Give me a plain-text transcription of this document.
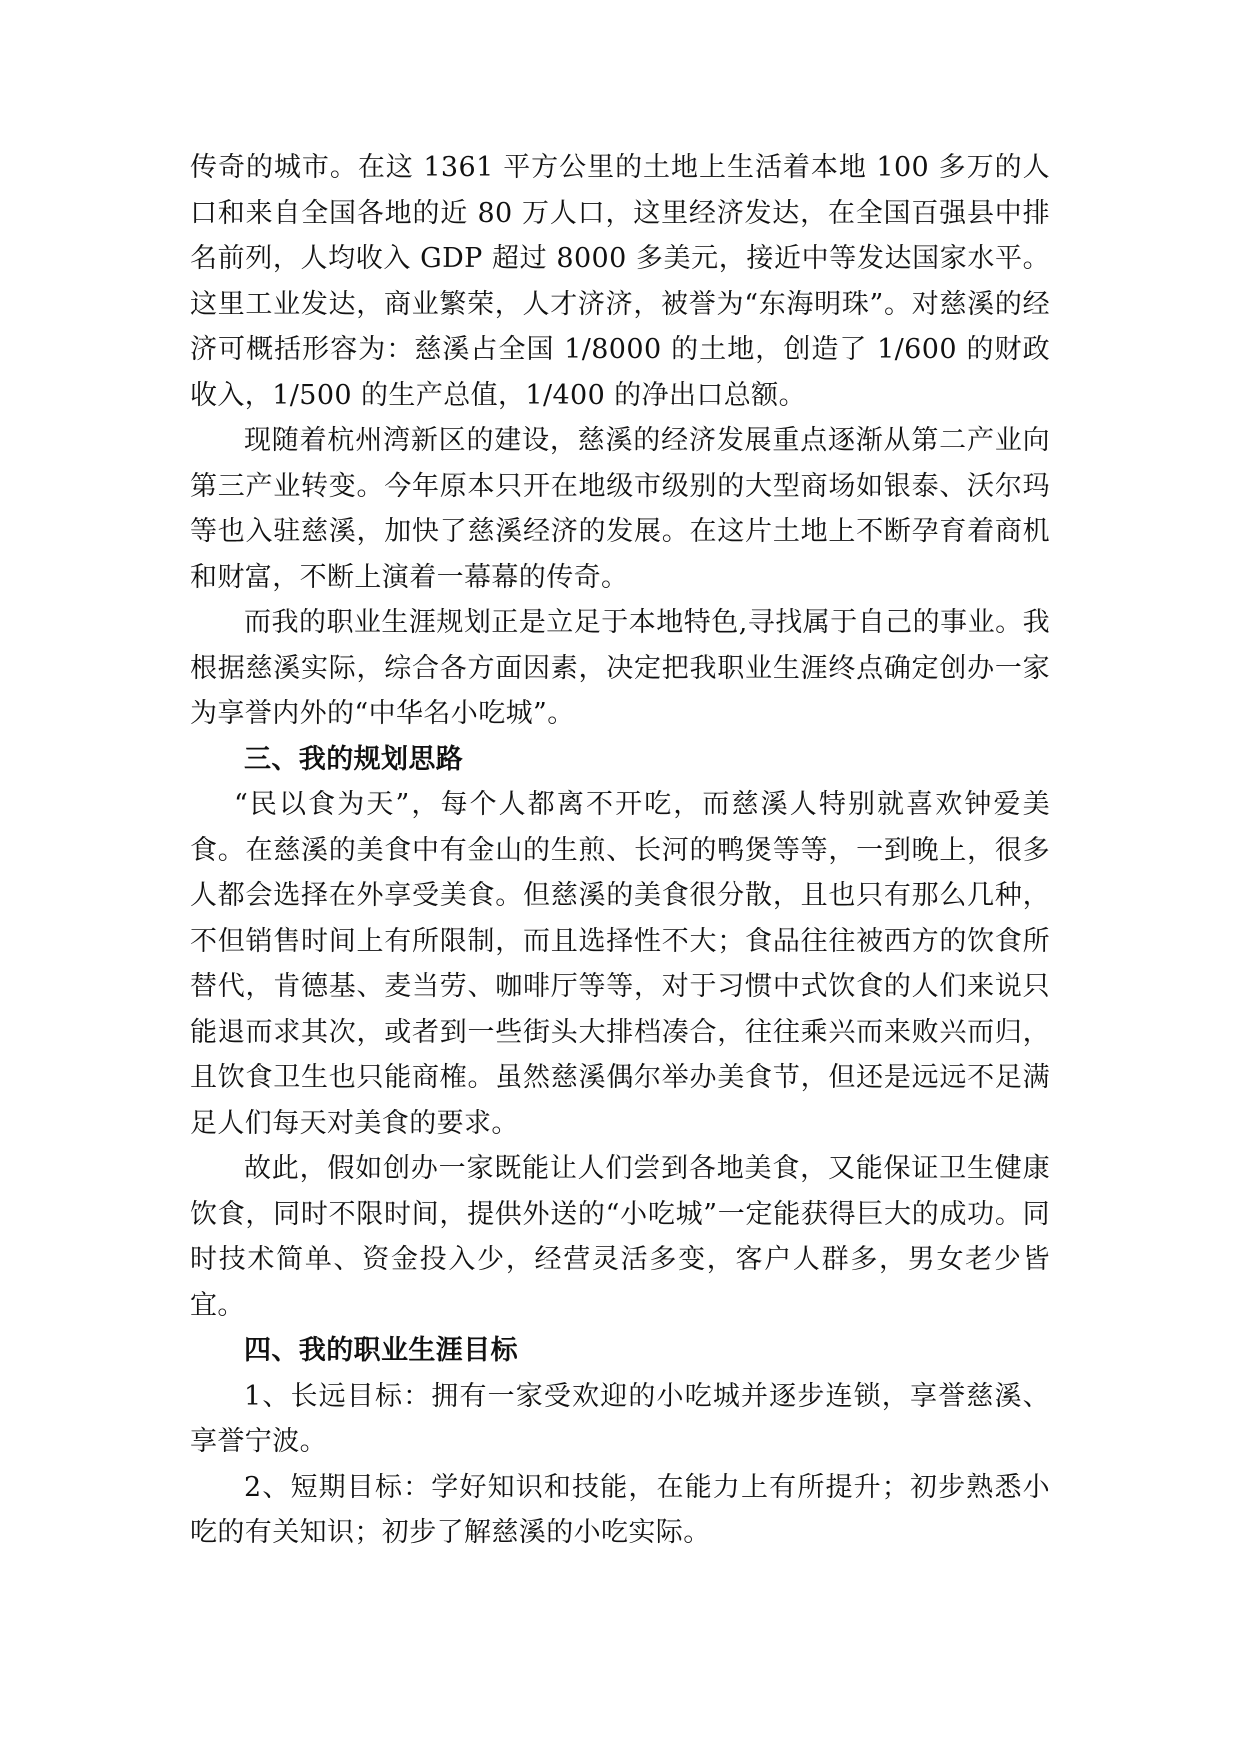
传奇的城市。在这 1361 平方公里的土地上生活着本地 100 多万的人口和来自全国各地的近 80 万人口，这里经济发达，在全国百强县中排名前列，人均收入 GDP 超过 8000 多美元，接近中等发达国家水平。这里工业发达，商业繁荣，人才济济，被誉为“东海明珠”。对慈溪的经济可概括形容为：慈溪占全国 1/8000 的土地，创造了 1/600 的财政收入，1/500 的生产总值，1/400 的净出口总额。

现随着杭州湾新区的建设，慈溪的经济发展重点逐渐从第二产业向第三产业转变。今年原本只开在地级市级别的大型商场如银泰、沃尔玛等也入驻慈溪，加快了慈溪经济的发展。在这片土地上不断孕育着商机和财富，不断上演着一幕幕的传奇。

而我的职业生涯规划正是立足于本地特色,寻找属于自己的事业。我根据慈溪实际，综合各方面因素，决定把我职业生涯终点确定创办一家为享誉内外的“中华名小吃城”。

三、我的规划思路

“民以食为天”，每个人都离不开吃，而慈溪人特别就喜欢钟爱美食。在慈溪的美食中有金山的生煎、长河的鸭煲等等，一到晚上，很多人都会选择在外享受美食。但慈溪的美食很分散，且也只有那么几种，不但销售时间上有所限制，而且选择性不大；食品往往被西方的饮食所替代，肯德基、麦当劳、咖啡厅等等，对于习惯中式饮食的人们来说只能退而求其次，或者到一些街头大排档凑合，往往乘兴而来败兴而归，且饮食卫生也只能商榷。虽然慈溪偶尔举办美食节，但还是远远不足满足人们每天对美食的要求。

故此，假如创办一家既能让人们尝到各地美食，又能保证卫生健康饮食，同时不限时间，提供外送的“小吃城”一定能获得巨大的成功。同时技术简单、资金投入少，经营灵活多变，客户人群多，男女老少皆宜。

四、我的职业生涯目标

1、长远目标：拥有一家受欢迎的小吃城并逐步连锁，享誉慈溪、享誉宁波。

2、短期目标：学好知识和技能，在能力上有所提升；初步熟悉小吃的有关知识；初步了解慈溪的小吃实际。
